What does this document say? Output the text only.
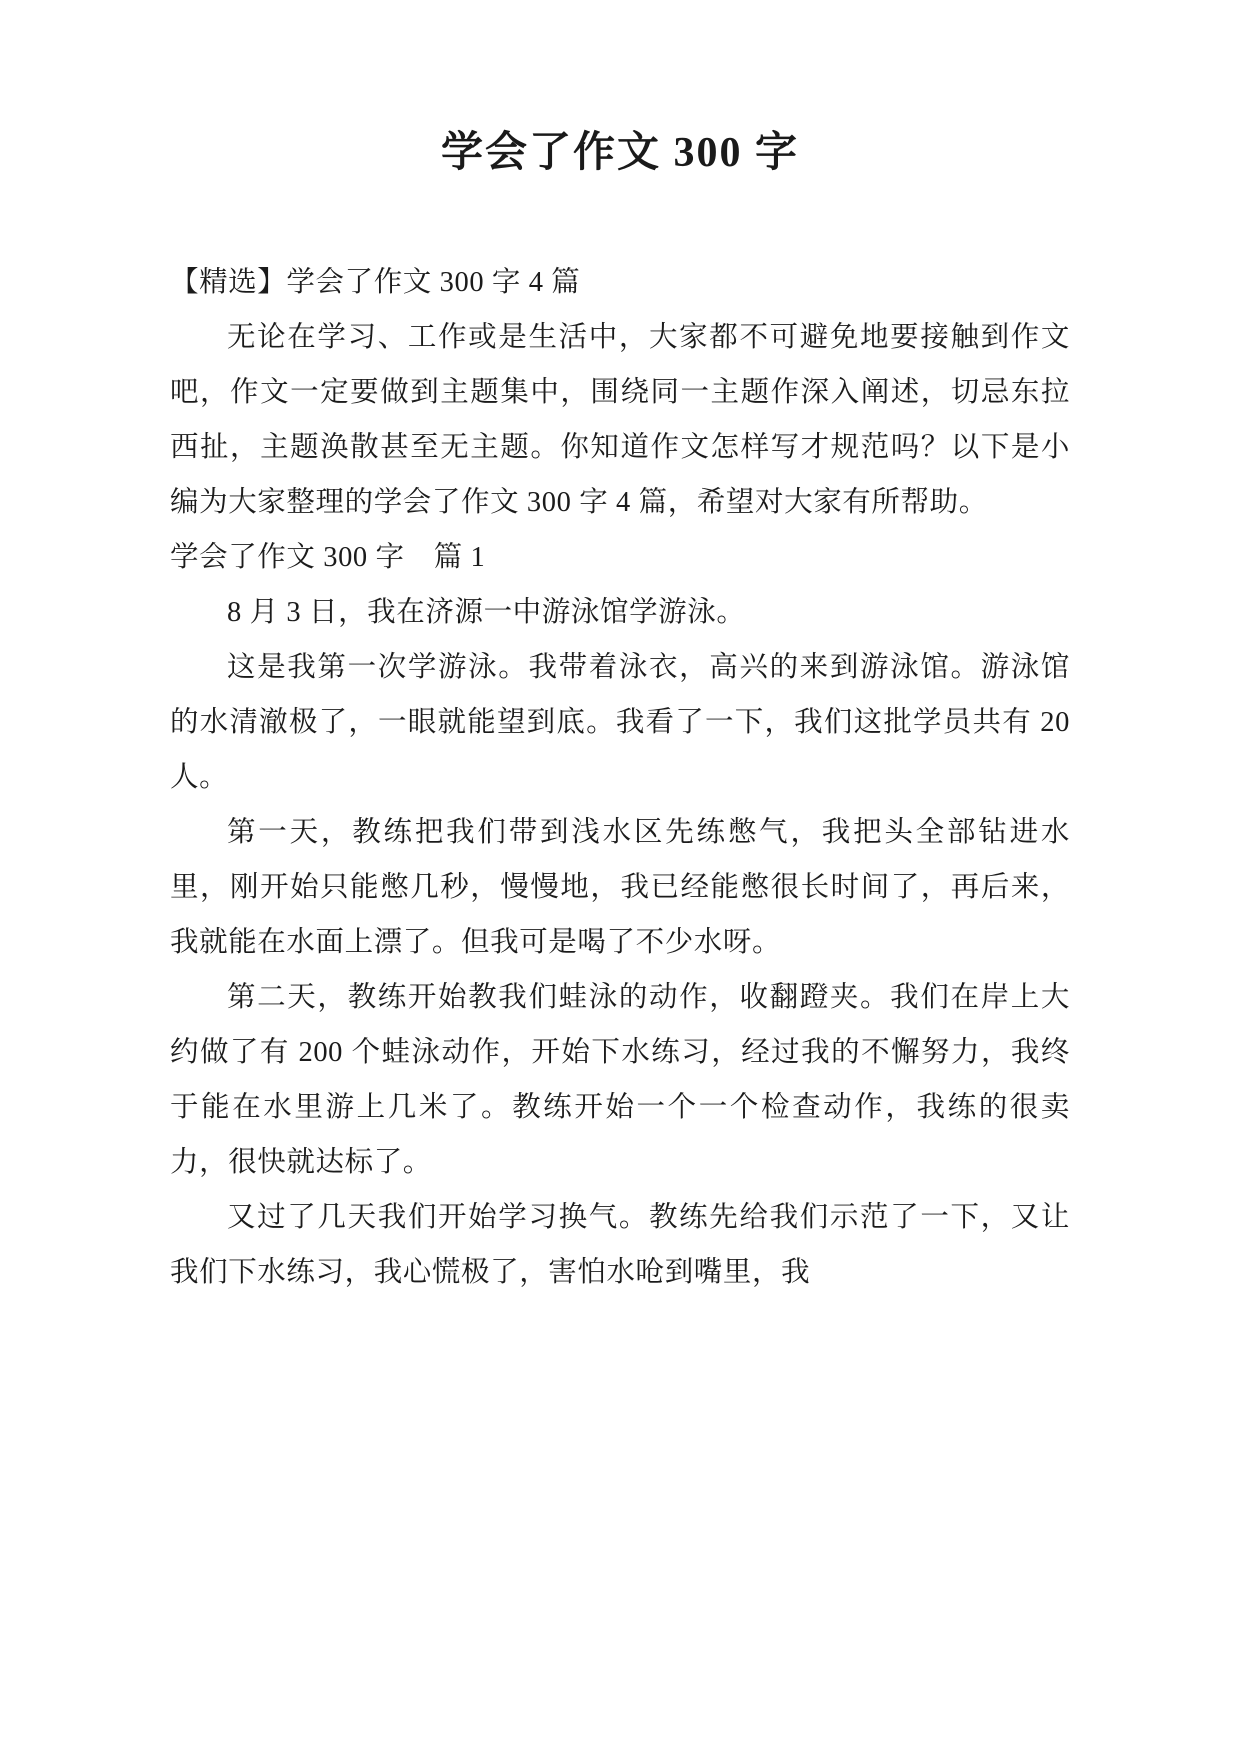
学会了作文 300 字

【精选】学会了作文 300 字 4 篇

无论在学习、工作或是生活中，大家都不可避免地要接触到作文吧，作文一定要做到主题集中，围绕同一主题作深入阐述，切忌东拉西扯，主题涣散甚至无主题。你知道作文怎样写才规范吗？以下是小编为大家整理的学会了作文 300 字 4 篇，希望对大家有所帮助。

学会了作文 300 字　篇 1

8 月 3 日，我在济源一中游泳馆学游泳。

这是我第一次学游泳。我带着泳衣，高兴的来到游泳馆。游泳馆的水清澈极了，一眼就能望到底。我看了一下，我们这批学员共有 20 人。

第一天，教练把我们带到浅水区先练憋气，我把头全部钻进水里，刚开始只能憋几秒，慢慢地，我已经能憋很长时间了，再后来，我就能在水面上漂了。但我可是喝了不少水呀。

第二天，教练开始教我们蛙泳的动作，收翻蹬夹。我们在岸上大约做了有 200 个蛙泳动作，开始下水练习，经过我的不懈努力，我终于能在水里游上几米了。教练开始一个一个检查动作，我练的很卖力，很快就达标了。

又过了几天我们开始学习换气。教练先给我们示范了一下，又让我们下水练习，我心慌极了，害怕水呛到嘴里，我
